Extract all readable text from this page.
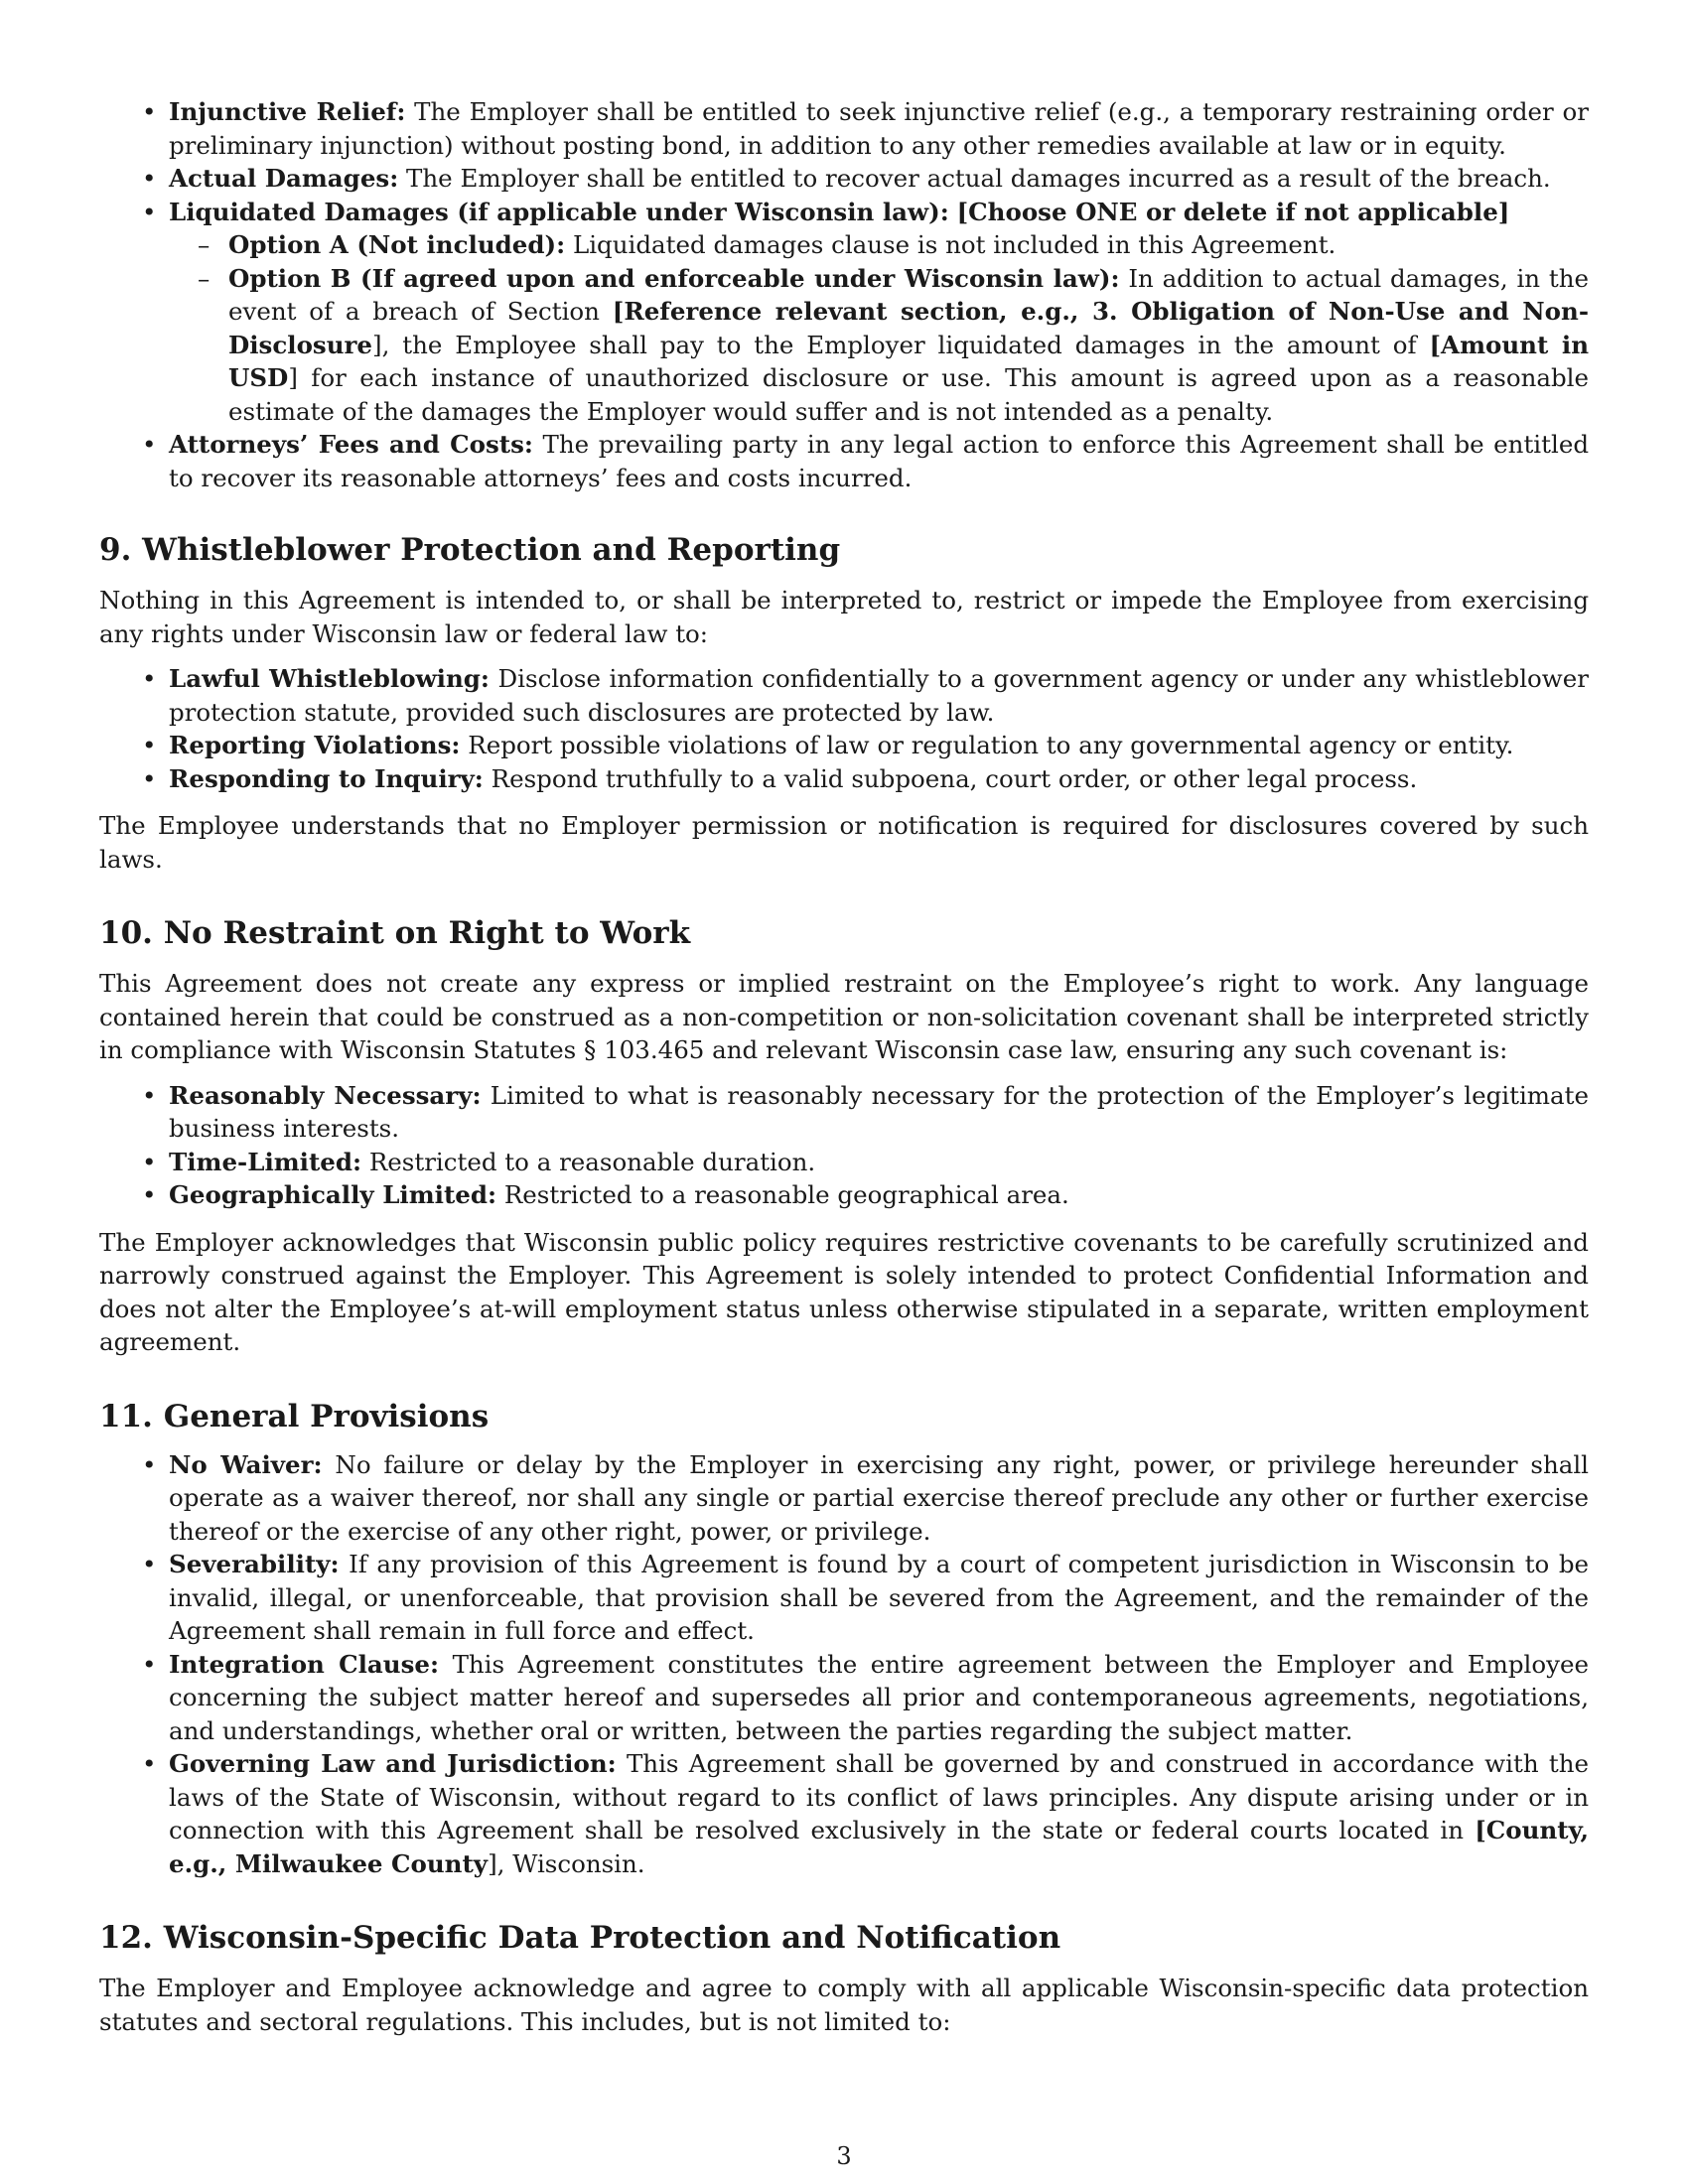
• Injunctive Relief: The Employer shall be entitled to seek injunctive relief (e.g., a temporary restraining order or preliminary injunction) without posting bond, in addition to any other remedies available at law or in equity.
• Actual Damages: The Employer shall be entitled to recover actual damages incurred as a result of the breach.
• Liquidated Damages (if applicable under Wisconsin law): [Choose ONE or delete if not applicable]
– Option A (Not included): Liquidated damages clause is not included in this Agreement.
– Option B (If agreed upon and enforceable under Wisconsin law): In addition to actual damages, in the event of a breach of Section [Reference relevant section, e.g., 3. Obligation of Non-Use and Non-Disclosure], the Employee shall pay to the Employer liquidated damages in the amount of [Amount in USD] for each instance of unauthorized disclosure or use. This amount is agreed upon as a reasonable estimate of the damages the Employer would suffer and is not intended as a penalty.
• Attorneys’ Fees and Costs: The prevailing party in any legal action to enforce this Agreement shall be entitled to recover its reasonable attorneys’ fees and costs incurred.
9. Whistleblower Protection and Reporting

Nothing in this Agreement is intended to, or shall be interpreted to, restrict or impede the Employee from exercising any rights under Wisconsin law or federal law to:

• Lawful Whistleblowing: Disclose information confidentially to a government agency or under any whistleblower protection statute, provided such disclosures are protected by law.
• Reporting Violations: Report possible violations of law or regulation to any governmental agency or entity.
• Responding to Inquiry: Respond truthfully to a valid subpoena, court order, or other legal process.

The Employee understands that no Employer permission or notification is required for disclosures covered by such laws.

10. No Restraint on Right to Work

This Agreement does not create any express or implied restraint on the Employee’s right to work. Any language contained herein that could be construed as a non-competition or non-solicitation covenant shall be interpreted strictly in compliance with Wisconsin Statutes § 103.465 and relevant Wisconsin case law, ensuring any such covenant is:

• Reasonably Necessary: Limited to what is reasonably necessary for the protection of the Employer’s legitimate business interests.
• Time-Limited: Restricted to a reasonable duration.
• Geographically Limited: Restricted to a reasonable geographical area.

The Employer acknowledges that Wisconsin public policy requires restrictive covenants to be carefully scrutinized and narrowly construed against the Employer. This Agreement is solely intended to protect Confidential Information and does not alter the Employee’s at-will employment status unless otherwise stipulated in a separate, written employment agreement.

11. General Provisions
• No Waiver: No failure or delay by the Employer in exercising any right, power, or privilege hereunder shall operate as a waiver thereof, nor shall any single or partial exercise thereof preclude any other or further exercise thereof or the exercise of any other right, power, or privilege.
• Severability: If any provision of this Agreement is found by a court of competent jurisdiction in Wisconsin to be invalid, illegal, or unenforceable, that provision shall be severed from the Agreement, and the remainder of the Agreement shall remain in full force and effect.
• Integration Clause: This Agreement constitutes the entire agreement between the Employer and Employee concerning the subject matter hereof and supersedes all prior and contemporaneous agreements, negotiations, and understandings, whether oral or written, between the parties regarding the subject matter.
• Governing Law and Jurisdiction: This Agreement shall be governed by and construed in accordance with the laws of the State of Wisconsin, without regard to its conflict of laws principles. Any dispute arising under or in connection with this Agreement shall be resolved exclusively in the state or federal courts located in [County, e.g., Milwaukee County], Wisconsin.
12. Wisconsin-Specific Data Protection and Notification

The Employer and Employee acknowledge and agree to comply with all applicable Wisconsin-specific data protection statutes and sectoral regulations. This includes, but is not limited to:

3
